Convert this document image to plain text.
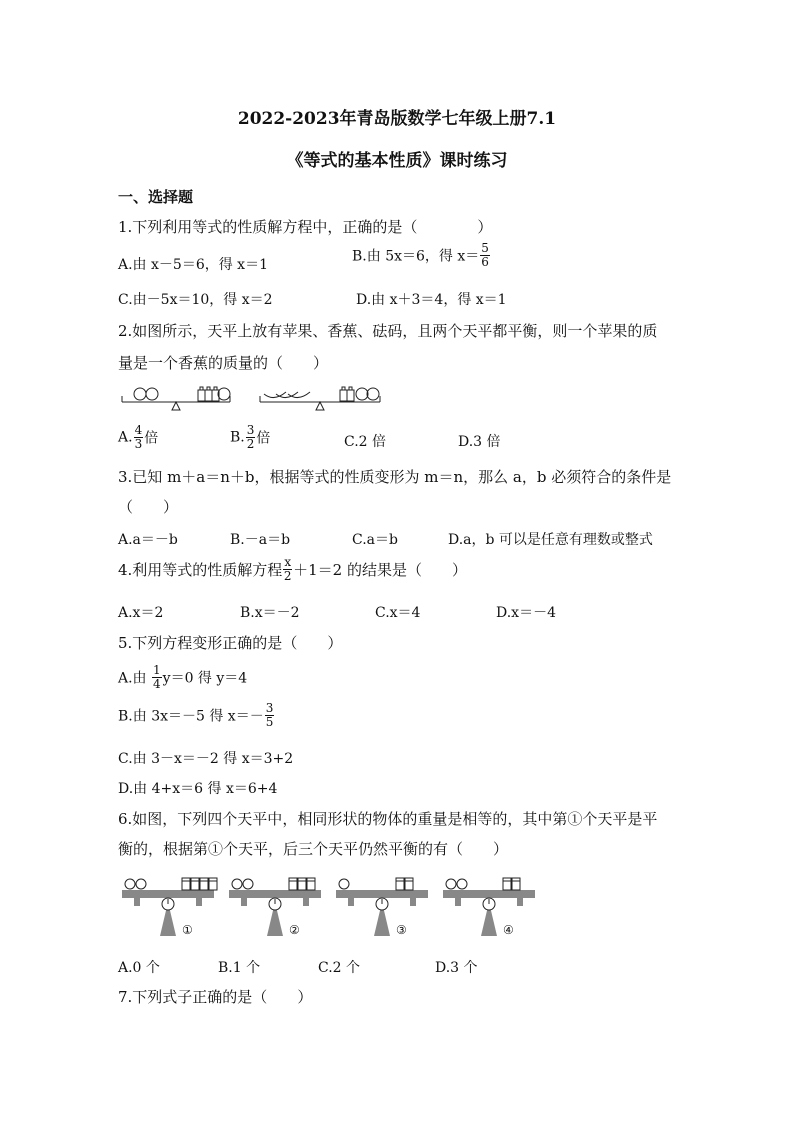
2022-2023年青岛版数学七年级上册7.1
《等式的基本性质》课时练习
一、选择题
1.下列利用等式的性质解方程中，正确的是（　　　　）
A.由 x－5＝6，得 x＝1
B.由 5x＝6，得 $x= \frac{5}{6}$
C.由－5x＝10，得 x＝2	D.由 x＋3＝4，得 x＝1
2.如图所示，天平上放有苹果、香蕉、砝码，且两个天平都平衡，则一个苹果的质
量是一个香蕉的质量的（　　）
A. $\frac{4}{3}$ 倍	B. $\frac{3}{2}$ 倍	C.2 倍	D.3 倍
3.已知 m＋a＝n＋b，根据等式的性质变形为 m＝n，那么 a，b 必须符合的条件是
（　　）
A.a＝－b	B.－a＝b	C.a＝b	D.a，b 可以是任意有理数或整式
4.利用等式的性质解方程 $\frac{x}{2} +1=2$ 的结果是（　　）
A.x＝2	B.x＝－2	C.x＝4	D.x＝－4
5.下列方程变形正确的是（　　）
A.由 $\frac{1}{4} y=0$ 得 y＝4
B.由 3x＝－5 得 $x=- \frac{3}{5}$
C.由 3－x＝－2 得 x＝3+2
D.由 4+x＝6 得 x＝6+4
6.如图，下列四个天平中，相同形状的物体的重量是相等的，其中第①个天平是平
衡的，根据第①个天平，后三个天平仍然平衡的有（　　）
①	②	③	④
A.0 个	B.1 个	C.2 个	D.3 个
7.下列式子正确的是（　　）
